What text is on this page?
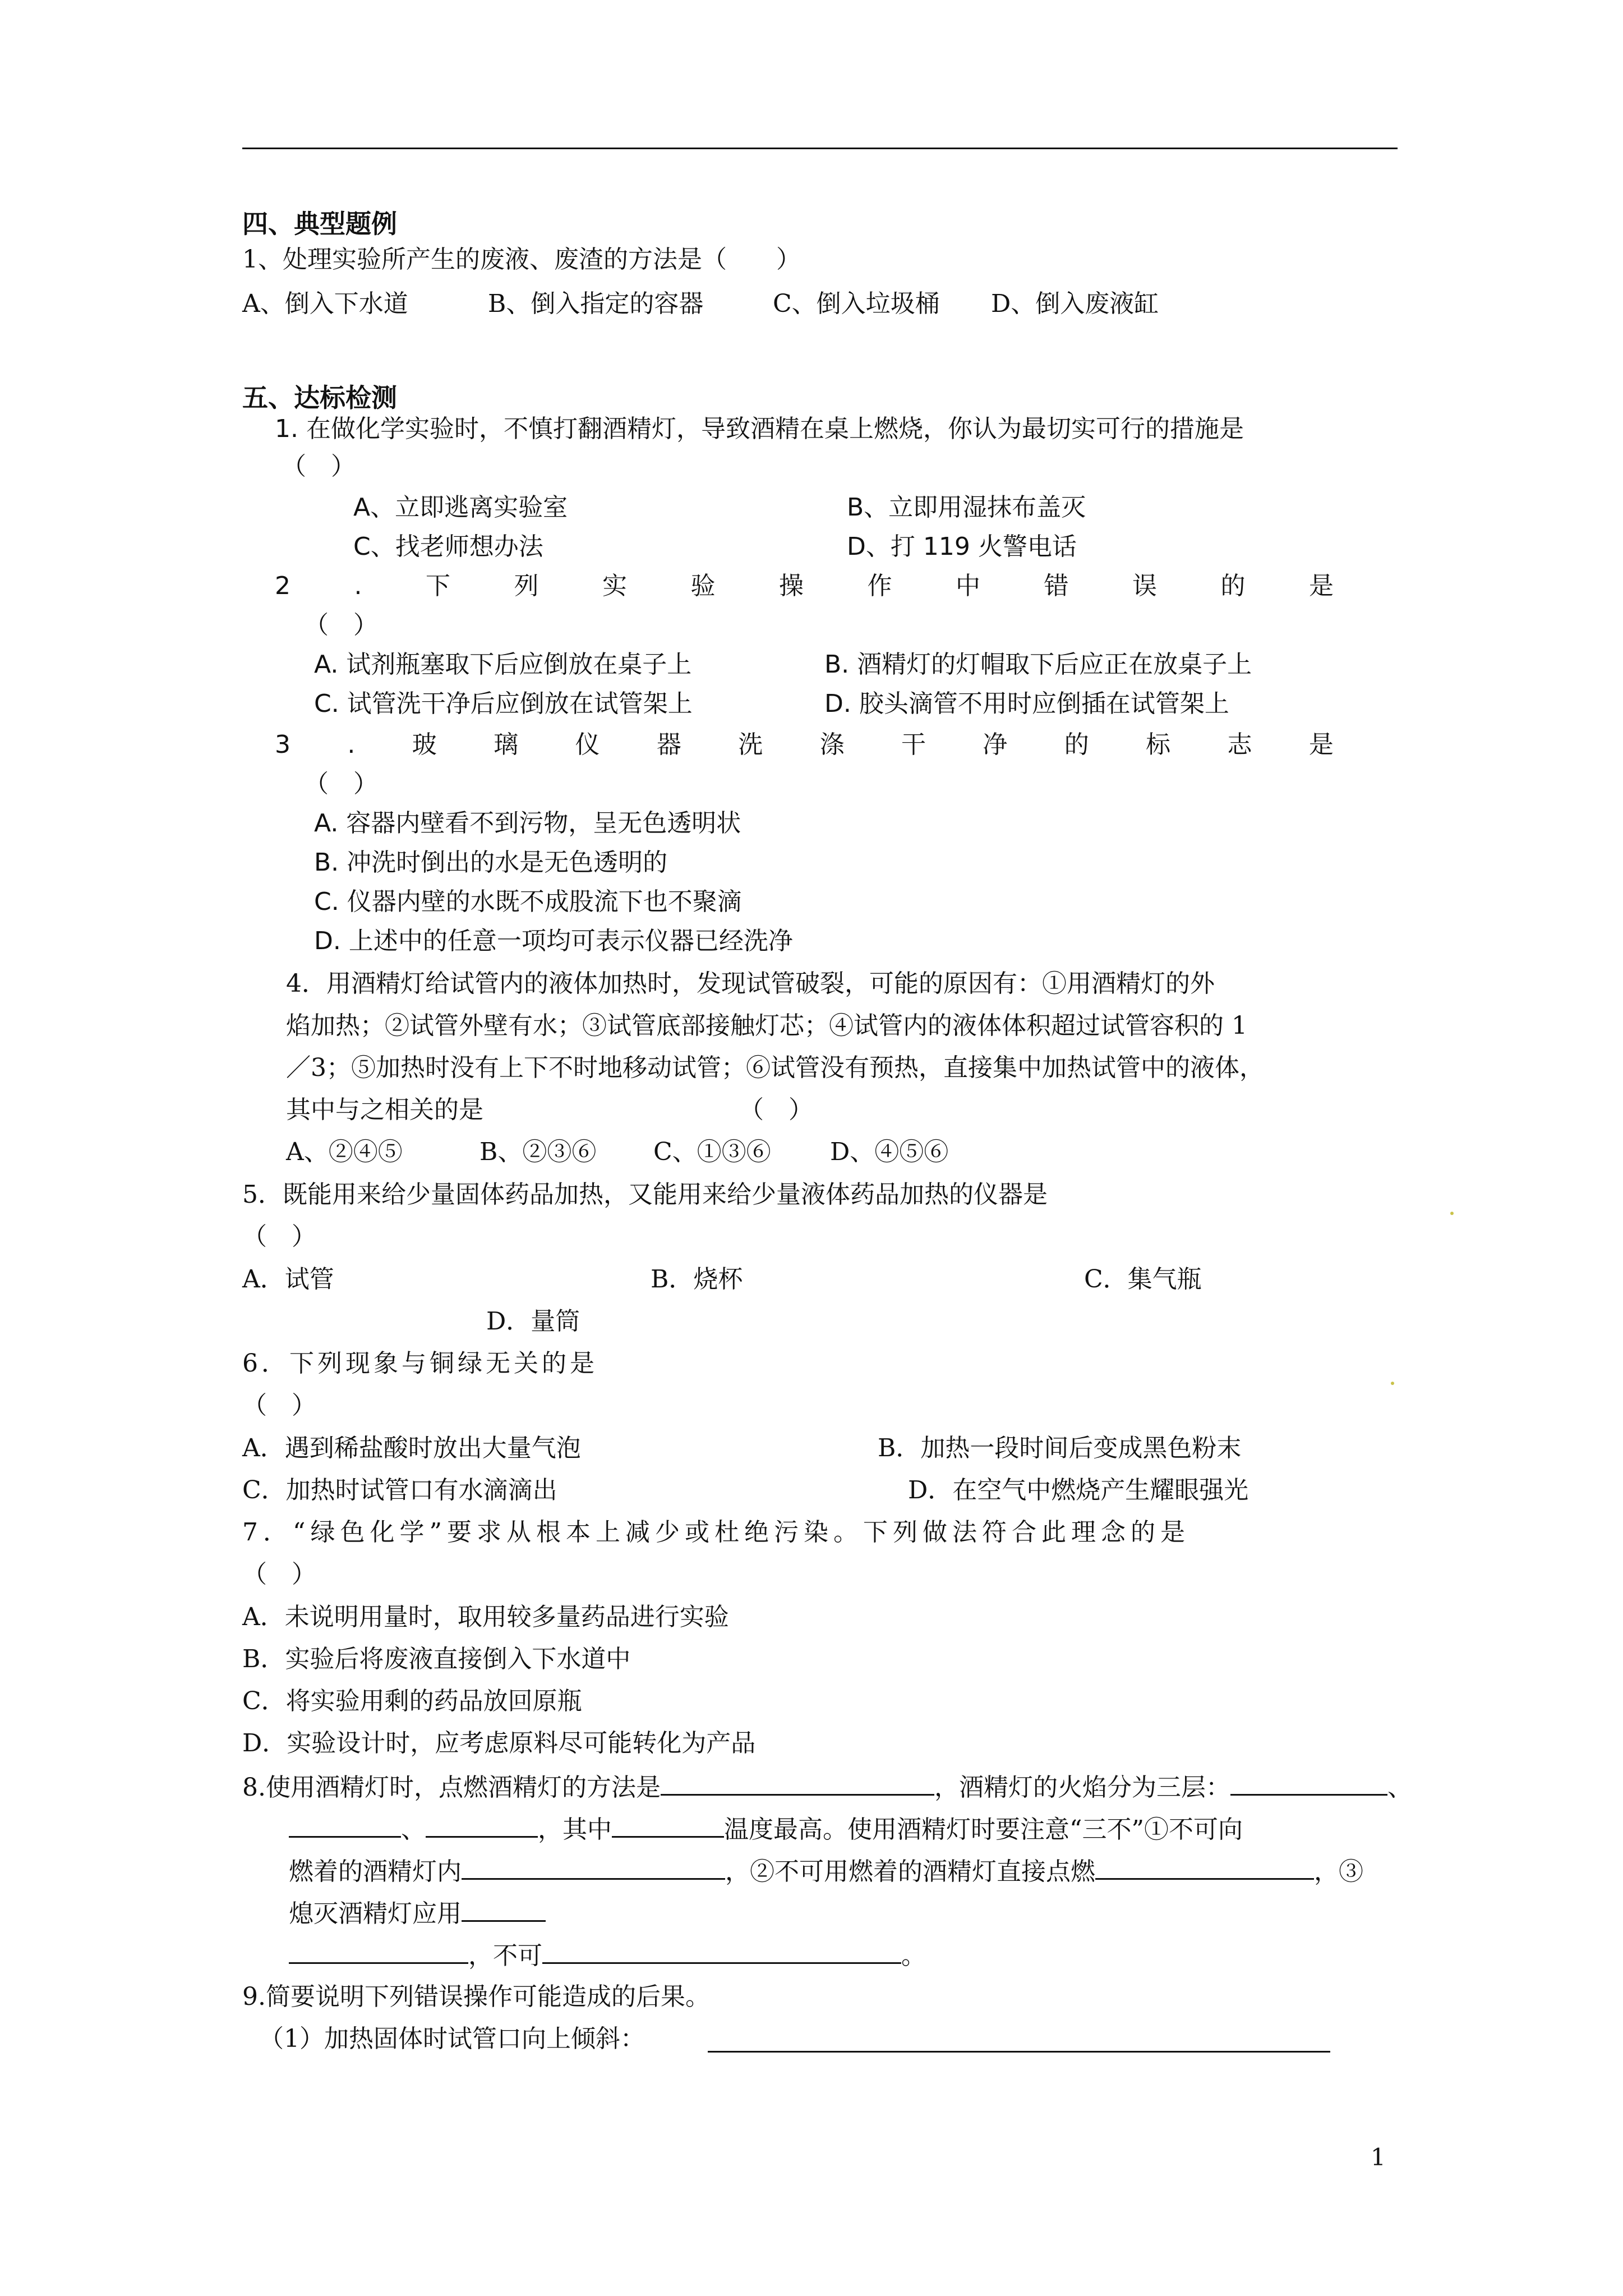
四、典型题例
1、处理实验所产生的废液、废渣的方法是（　　）
A、倒入下水道	B、倒入指定的容器	C、倒入垃圾桶 D、倒入废液缸
五、达标检测
1. 在做化学实验时，不慎打翻酒精灯，导致酒精在桌上燃烧，你认为最切实可行的措施是
（　）
A、立即逃离实验室	B、立即用湿抹布盖灭
C、找老师想办法	D、打 119 火警电话
2	.	下	列	实	验	操	作	中	错	误	的	是
（　）
A. 试剂瓶塞取下后应倒放在桌子上	B. 酒精灯的灯帽取下后应正在放桌子上
C. 试管洗干净后应倒放在试管架上	D. 胶头滴管不用时应倒插在试管架上
3 . 玻 璃 仪 器 洗 涤 干 净 的 标 志 是
（　）
A. 容器内壁看不到污物，呈无色透明状
B. 冲洗时倒出的水是无色透明的
C. 仪器内壁的水既不成股流下也不聚滴
D. 上述中的任意一项均可表示仪器已经洗净
4．用酒精灯给试管内的液体加热时，发现试管破裂，可能的原因有：①用酒精灯的外
焰加热；②试管外壁有水；③试管底部接触灯芯；④试管内的液体体积超过试管容积的 1
／3；⑤加热时没有上下不时地移动试管；⑥试管没有预热，直接集中加热试管中的液体，
其中与之相关的是	（　）
A、②④⑤	B、②③⑥ C、①③⑥ D、④⑤⑥
5．既能用来给少量固体药品加热，又能用来给少量液体药品加热的仪器是
（　）
A．试管	B．烧杯	C．集气瓶
D．量筒
6．下列现象与铜绿无关的是
（　）
A．遇到稀盐酸时放出大量气泡	B．加热一段时间后变成黑色粉末
C．加热时试管口有水滴滴出	D．在空气中燃烧产生耀眼强光
7．“绿色化学”要求从根本上减少或杜绝污染。下列做法符合此理念的是
（　）
A．未说明用量时，取用较多量药品进行实验
B．实验后将废液直接倒入下水道中
C．将实验用剩的药品放回原瓶
D．实验设计时，应考虑原料尽可能转化为产品
8.使用酒精灯时，点燃酒精灯的方法是	，酒精灯的火焰分为三层：	、
、	，其中	温度最高。使用酒精灯时要注意“三不”①不可向
燃着的酒精灯内	，②不可用燃着的酒精灯直接点燃	，③
熄灭酒精灯应用
，不可	。
9.简要说明下列错误操作可能造成的后果。
（1）加热固体时试管口向上倾斜：
1
